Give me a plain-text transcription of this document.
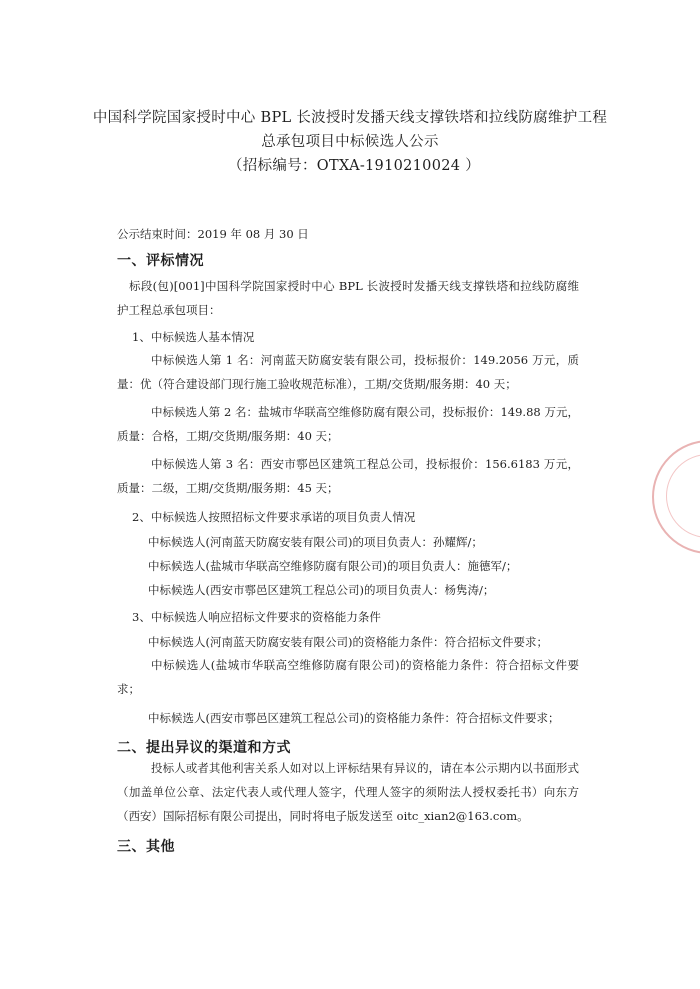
中国科学院国家授时中心 BPL 长波授时发播天线支撑铁塔和拉线防腐维护工程
总承包项目中标候选人公示
（招标编号：OTXA-1910210024 ）
公示结束时间：2019 年 08 月 30 日
一、评标情况
标段(包)[001]中国科学院国家授时中心 BPL 长波授时发播天线支撑铁塔和拉线防腐维护工程总承包项目：
1、中标候选人基本情况
中标候选人第 1 名：河南蓝天防腐安装有限公司，投标报价：149.2056 万元，质量：优（符合建设部门现行施工验收规范标准），工期/交货期/服务期：40 天；
中标候选人第 2 名：盐城市华联高空维修防腐有限公司，投标报价：149.88 万元，质量：合格，工期/交货期/服务期：40 天；
中标候选人第 3 名：西安市鄠邑区建筑工程总公司，投标报价：156.6183 万元，质量：二级，工期/交货期/服务期：45 天；
2、中标候选人按照招标文件要求承诺的项目负责人情况
中标候选人(河南蓝天防腐安装有限公司)的项目负责人：孙耀辉/；
中标候选人(盐城市华联高空维修防腐有限公司)的项目负责人：施德军/；
中标候选人(西安市鄠邑区建筑工程总公司)的项目负责人：杨隽涛/；
3、中标候选人响应招标文件要求的资格能力条件
中标候选人(河南蓝天防腐安装有限公司)的资格能力条件：符合招标文件要求；
中标候选人(盐城市华联高空维修防腐有限公司)的资格能力条件：符合招标文件要求；
中标候选人(西安市鄠邑区建筑工程总公司)的资格能力条件：符合招标文件要求；
二、提出异议的渠道和方式
投标人或者其他利害关系人如对以上评标结果有异议的，请在本公示期内以书面形式（加盖单位公章、法定代表人或代理人签字，代理人签字的须附法人授权委托书）向东方（西安）国际招标有限公司提出，同时将电子版发送至 oitc_xian2@163.com。
三、其他
